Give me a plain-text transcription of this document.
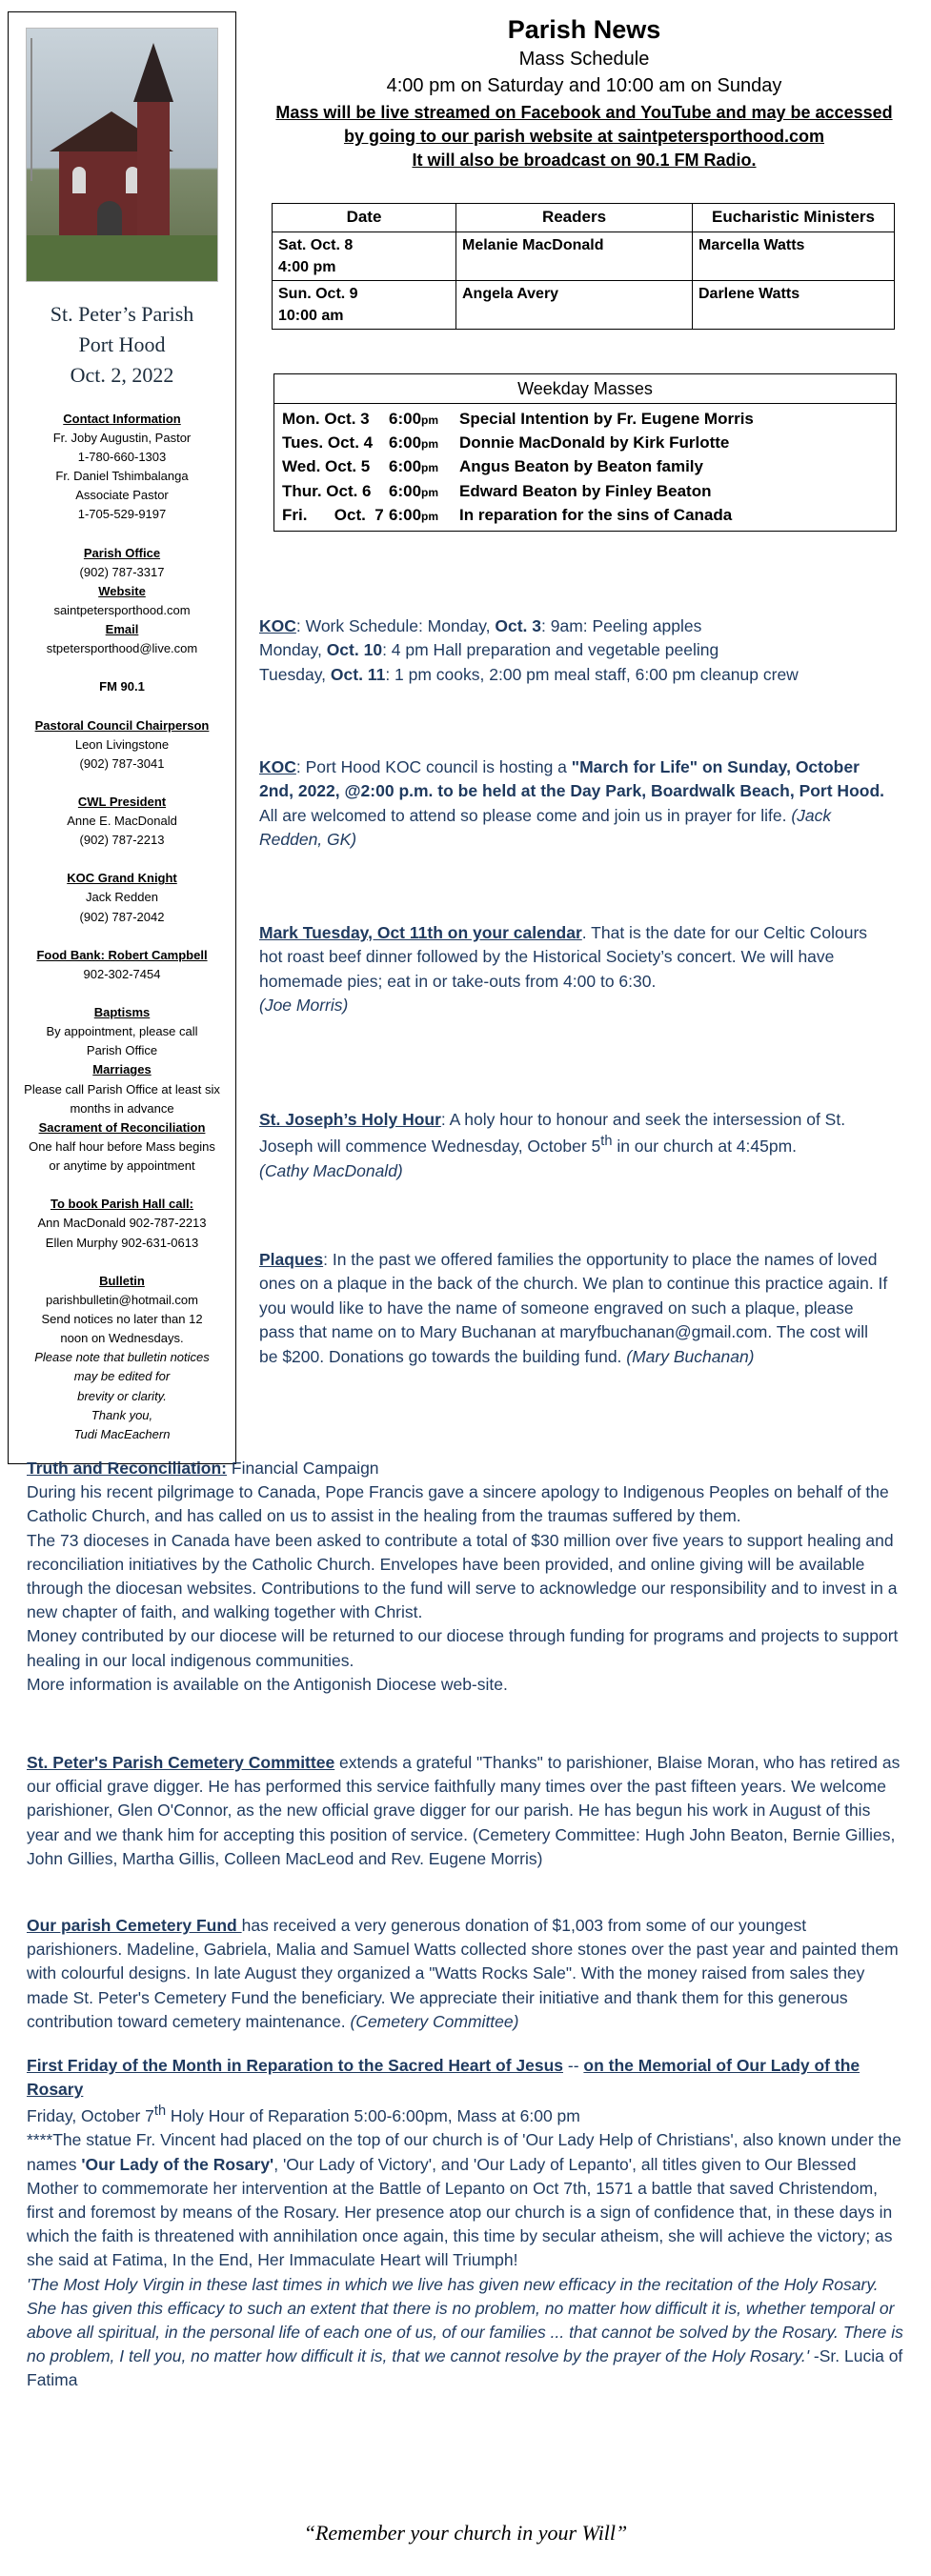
St. Peter’s Parish
Port Hood
Oct. 2, 2022
Contact Information
Fr. Joby Augustin, Pastor
1-780-660-1303
Fr. Daniel Tshimbalanga
Associate Pastor
1-705-529-9197
Parish Office
(902) 787-3317
Website
saintpetersporthood.com
Email
stpetersporthood@live.com
FM 90.1
Pastoral Council Chairperson
Leon Livingstone
(902) 787-3041
CWL President
Anne E. MacDonald
(902) 787-2213
KOC Grand Knight
Jack Redden
(902) 787-2042
Food Bank: Robert Campbell
902-302-7454
Baptisms
By appointment, please call
Parish Office
Marriages
Please call Parish Office at least six
months in advance
Sacrament of Reconciliation
One half hour before Mass begins
or anytime by appointment
To book Parish Hall call:
Ann MacDonald 902-787-2213
Ellen Murphy 902-631-0613
Bulletin
parishbulletin@hotmail.com
Send notices no later than 12
noon on Wednesdays.
Please note that bulletin notices
may be edited for
brevity or clarity.
Thank you,
Tudi MacEachern
Parish News
Mass Schedule
4:00 pm on Saturday and 10:00 am on Sunday
Mass will be live streamed on Facebook and YouTube and may be accessed
by going to our parish website at saintpetersporthood.com
It will also be broadcast on 90.1 FM Radio.
Date	Readers	Eucharistic Ministers
Sat. Oct. 8
4:00 pm	Melanie MacDonald	Marcella Watts
Sun. Oct. 9
10:00 am	Angela Avery	Darlene Watts
Weekday Masses
Mon. Oct. 3	6:00pm	Special Intention by Fr. Eugene Morris
Tues. Oct. 4 6:00pm	Donnie MacDonald by Kirk Furlotte
Wed. Oct. 5	6:00pm	Angus Beaton by Beaton family
Thur. Oct. 6	6:00pm	Edward Beaton by Finley Beaton
Fri.      Oct.  7 6:00pm	In reparation for the sins of Canada
KOC: Work Schedule: Monday, Oct. 3: 9am: Peeling apples
Monday, Oct. 10: 4 pm Hall preparation and vegetable peeling
Tuesday, Oct. 11: 1 pm cooks, 2:00 pm meal staff, 6:00 pm cleanup crew
KOC: Port Hood KOC council is hosting a "March for Life" on Sunday, October 2nd, 2022, @2:00 p.m. to be held at the Day Park, Boardwalk Beach, Port Hood. All are welcomed to attend so please come and join us in prayer for life. (Jack Redden, GK)
Mark Tuesday, Oct 11th on your calendar. That is the date for our Celtic Colours hot roast beef dinner followed by the Historical Society’s concert. We will have homemade pies; eat in or take-outs from 4:00 to 6:30.
(Joe Morris)
St. Joseph’s Holy Hour: A holy hour to honour and seek the intersession of St. Joseph will commence Wednesday, October 5th in our church at 4:45pm.
(Cathy MacDonald)
Plaques: In the past we offered families the opportunity to place the names of loved ones on a plaque in the back of the church. We plan to continue this practice again. If you would like to have the name of someone engraved on such a plaque, please pass that name on to Mary Buchanan at maryfbuchanan@gmail.com. The cost will be $200. Donations go towards the building fund. (Mary Buchanan)
Truth and Reconciliation: Financial Campaign
During his recent pilgrimage to Canada, Pope Francis gave a sincere apology to Indigenous Peoples on behalf of the Catholic Church, and has called on us to assist in the healing from the traumas suffered by them.
The 73 dioceses in Canada have been asked to contribute a total of $30 million over five years to support healing and reconciliation initiatives by the Catholic Church. Envelopes have been provided, and online giving will be available through the diocesan websites. Contributions to the fund will serve to acknowledge our responsibility and to invest in a new chapter of faith, and walking together with Christ.
Money contributed by our diocese will be returned to our diocese through funding for programs and projects to support healing in our local indigenous communities.
More information is available on the Antigonish Diocese web-site.
St. Peter's Parish Cemetery Committee extends a grateful "Thanks" to parishioner, Blaise Moran, who has retired as our official grave digger. He has performed this service faithfully many times over the past fifteen years. We welcome parishioner, Glen O'Connor, as the new official grave digger for our parish. He has begun his work in August of this year and we thank him for accepting this position of service. (Cemetery Committee: Hugh John Beaton, Bernie Gillies, John Gillies, Martha Gillis, Colleen MacLeod and Rev. Eugene Morris)
Our parish Cemetery Fund has received a very generous donation of $1,003 from some of our youngest parishioners. Madeline, Gabriela, Malia and Samuel Watts collected shore stones over the past year and painted them with colourful designs. In late August they organized a "Watts Rocks Sale". With the money raised from sales they made St. Peter's Cemetery Fund the beneficiary. We appreciate their initiative and thank them for this generous contribution toward cemetery maintenance. (Cemetery Committee)
First Friday of the Month in Reparation to the Sacred Heart of Jesus -- on the Memorial of Our Lady of the Rosary
Friday, October 7th Holy Hour of Reparation 5:00-6:00pm, Mass at 6:00 pm
****The statue Fr. Vincent had placed on the top of our church is of 'Our Lady Help of Christians', also known under the names 'Our Lady of the Rosary', 'Our Lady of Victory', and 'Our Lady of Lepanto', all titles given to Our Blessed Mother to commemorate her intervention at the Battle of Lepanto on Oct 7th, 1571 a battle that saved Christendom, first and foremost by means of the Rosary. Her presence atop our church is a sign of confidence that, in these days in which the faith is threatened with annihilation once again, this time by secular atheism, she will achieve the victory; as she said at Fatima, In the End, Her Immaculate Heart will Triumph!
'The Most Holy Virgin in these last times in which we live has given new efficacy in the recitation of the Holy Rosary. She has given this efficacy to such an extent that there is no problem, no matter how difficult it is, whether temporal or above all spiritual, in the personal life of each one of us, of our families ... that cannot be solved by the Rosary. There is no problem, I tell you, no matter how difficult it is, that we cannot resolve by the prayer of the Holy Rosary.' -Sr. Lucia of Fatima
“Remember your church in your Will”
